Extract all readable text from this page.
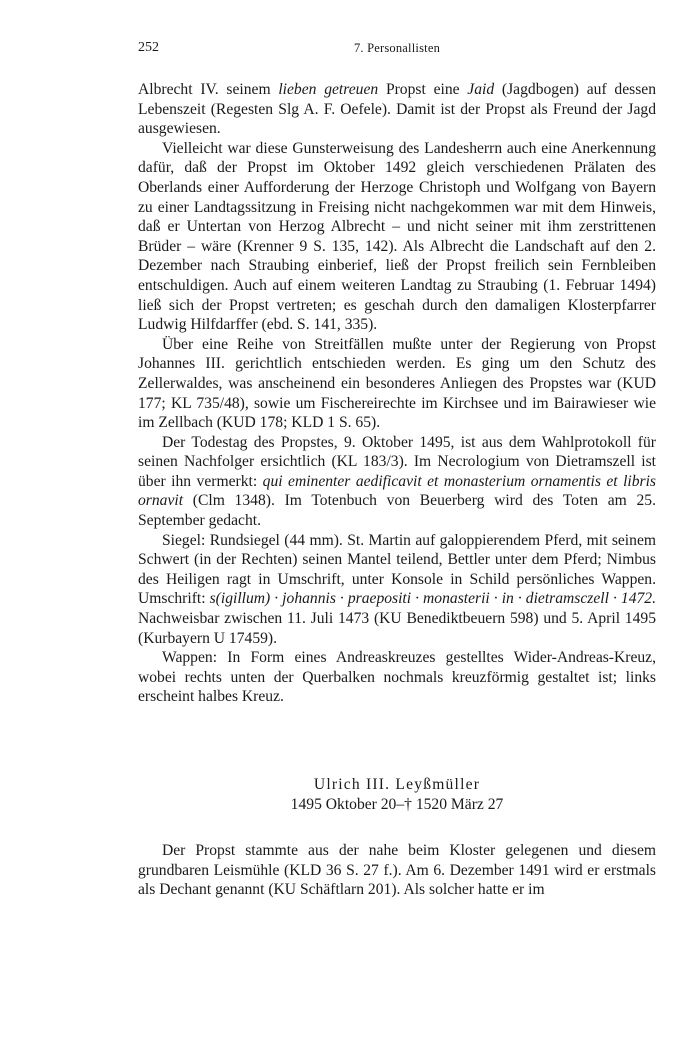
252	7. Personallisten

Albrecht IV. seinem lieben getreuen Propst eine Jaid (Jagdbogen) auf dessen Lebenszeit (Regesten Slg A. F. Oefele). Damit ist der Propst als Freund der Jagd ausgewiesen.

Vielleicht war diese Gunsterweisung des Landesherrn auch eine Anerkennung dafür, daß der Propst im Oktober 1492 gleich verschiedenen Prälaten des Oberlands einer Aufforderung der Herzoge Christoph und Wolfgang von Bayern zu einer Landtagssitzung in Freising nicht nachgekommen war mit dem Hinweis, daß er Untertan von Herzog Albrecht – und nicht seiner mit ihm zerstrittenen Brüder – wäre (Krenner 9 S. 135, 142). Als Albrecht die Landschaft auf den 2. Dezember nach Straubing einberief, ließ der Propst freilich sein Fernbleiben entschuldigen. Auch auf einem weiteren Landtag zu Straubing (1. Februar 1494) ließ sich der Propst vertreten; es geschah durch den damaligen Klosterpfarrer Ludwig Hilfdarffer (ebd. S. 141, 335).

Über eine Reihe von Streitfällen mußte unter der Regierung von Propst Johannes III. gerichtlich entschieden werden. Es ging um den Schutz des Zellerwaldes, was anscheinend ein besonderes Anliegen des Propstes war (KUD 177; KL 735/48), sowie um Fischereirechte im Kirchsee und im Bairawieser wie im Zellbach (KUD 178; KLD 1 S. 65).

Der Todestag des Propstes, 9. Oktober 1495, ist aus dem Wahlprotokoll für seinen Nachfolger ersichtlich (KL 183/3). Im Necrologium von Dietramszell ist über ihn vermerkt: qui eminenter aedificavit et monasterium ornamentis et libris ornavit (Clm 1348). Im Totenbuch von Beuerberg wird des Toten am 25. September gedacht.

Siegel: Rundsiegel (44 mm). St. Martin auf galoppierendem Pferd, mit seinem Schwert (in der Rechten) seinen Mantel teilend, Bettler unter dem Pferd; Nimbus des Heiligen ragt in Umschrift, unter Konsole in Schild persönliches Wappen. Umschrift: s(igillum) · johannis · praepositi · monasterii · in · dietramsczell · 1472. Nachweisbar zwischen 11. Juli 1473 (KU Benediktbeuern 598) und 5. April 1495 (Kurbayern U 17459).

Wappen: In Form eines Andreaskreuzes gestelltes Wider-Andreas-Kreuz, wobei rechts unten der Querbalken nochmals kreuzförmig gestaltet ist; links erscheint halbes Kreuz.

Ulrich III. Leyßmüller

1495 Oktober 20–† 1520 März 27

Der Propst stammte aus der nahe beim Kloster gelegenen und diesem grundbaren Leismühle (KLD 36 S. 27 f.). Am 6. Dezember 1491 wird er erstmals als Dechant genannt (KU Schäftlarn 201). Als solcher hatte er im
